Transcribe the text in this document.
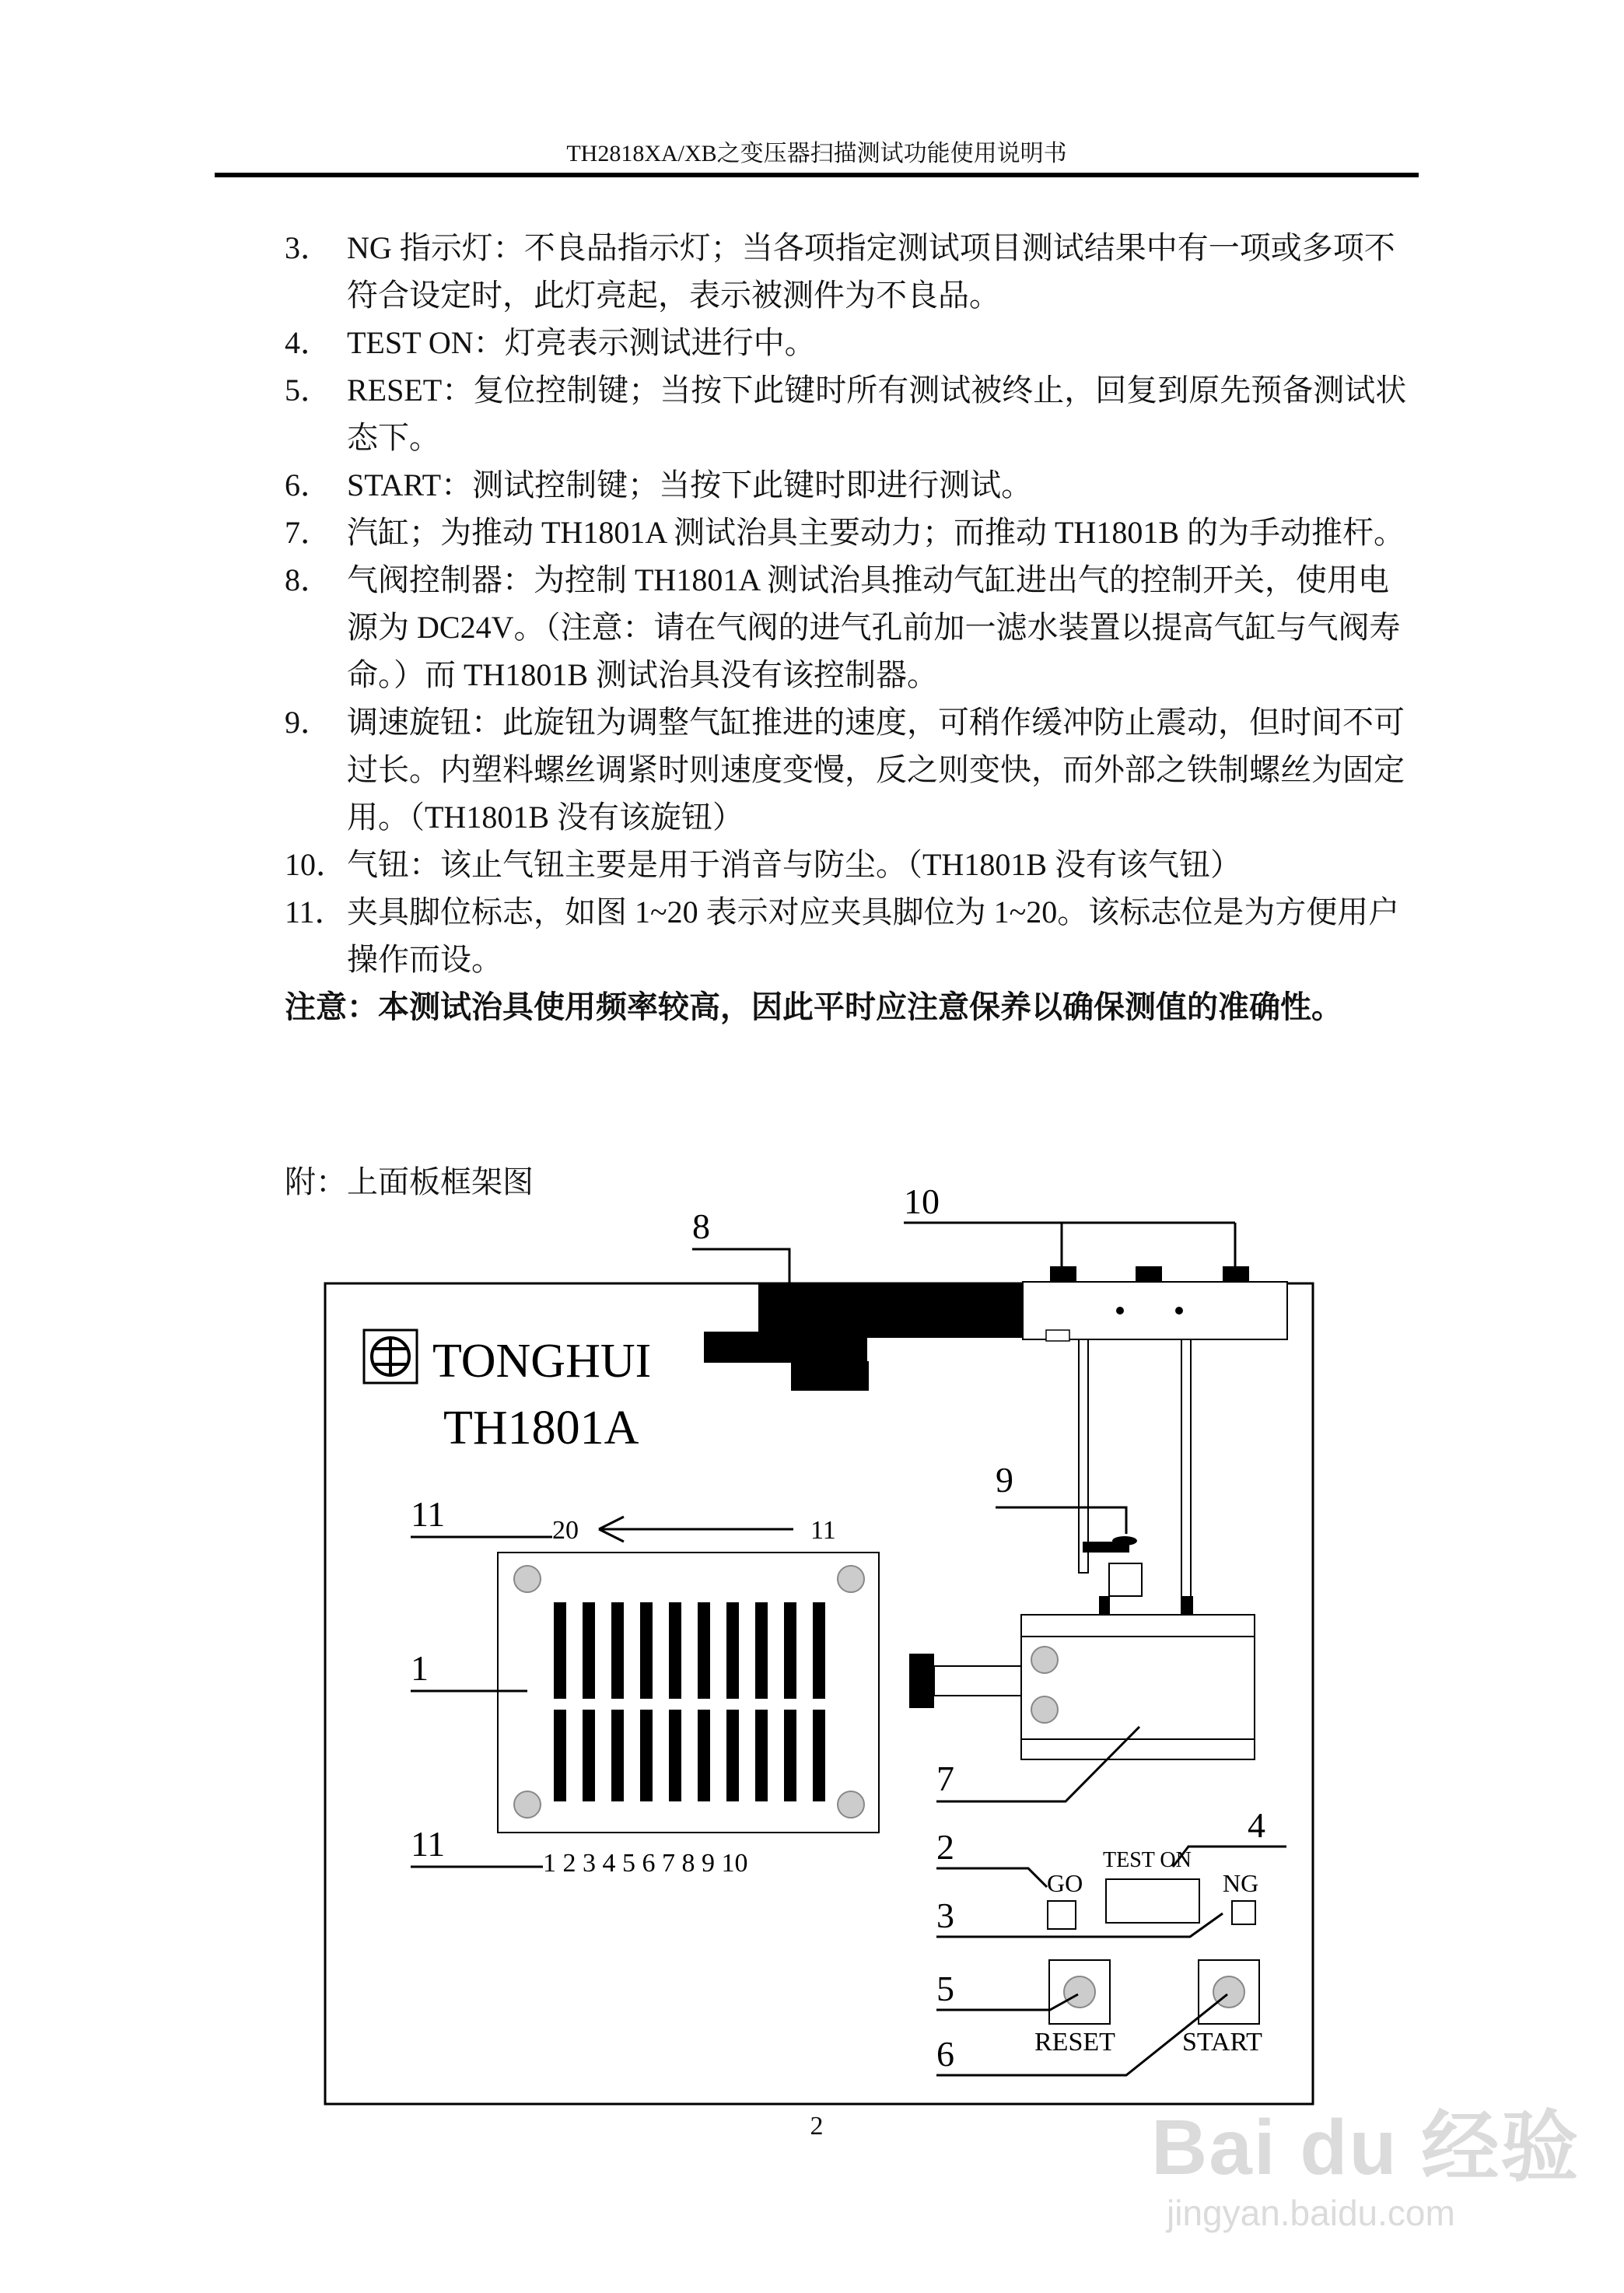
TH2818XA/XB之变压器扫描测试功能使用说明书
3． NG 指示灯：不良品指示灯；当各项指定测试项目测试结果中有一项或多项不符合设定时，此灯亮起，表示被测件为不良品。
4． TEST ON：灯亮表示测试进行中。
5． RESET：复位控制键；当按下此键时所有测试被终止，回复到原先预备测试状态下。
6． START：测试控制键；当按下此键时即进行测试。
7． 汽缸；为推动 TH1801A 测试治具主要动力；而推动 TH1801B 的为手动推杆。
8． 气阀控制器：为控制 TH1801A 测试治具推动气缸进出气的控制开关，使用电源为 DC24V。（注意：请在气阀的进气孔前加一滤水装置以提高气缸与气阀寿命。）而 TH1801B 测试治具没有该控制器。
9． 调速旋钮：此旋钮为调整气缸推进的速度，可稍作缓冲防止震动，但时间不可过长。内塑料螺丝调紧时则速度变慢，反之则变快，而外部之铁制螺丝为固定用。（TH1801B 没有该旋钮）
10． 气钮：该止气钮主要是用于消音与防尘。（TH1801B 没有该气钮）
11． 夹具脚位标志，如图 1~20 表示对应夹具脚位为 1~20。该标志位是为方便用户操作而设。
注意：本测试治具使用频率较高，因此平时应注意保养以确保测值的准确性。
附：上面板框架图	10
9
7
8
TONGHUI
TH1801A
11	20	11
1
11	1 2 3 4 5 6 7 8 9 10	2
GO
4
TEST ON
NG
3
RESET	START
5
6
2	Bai du 经验
jingyan.baidu.com
